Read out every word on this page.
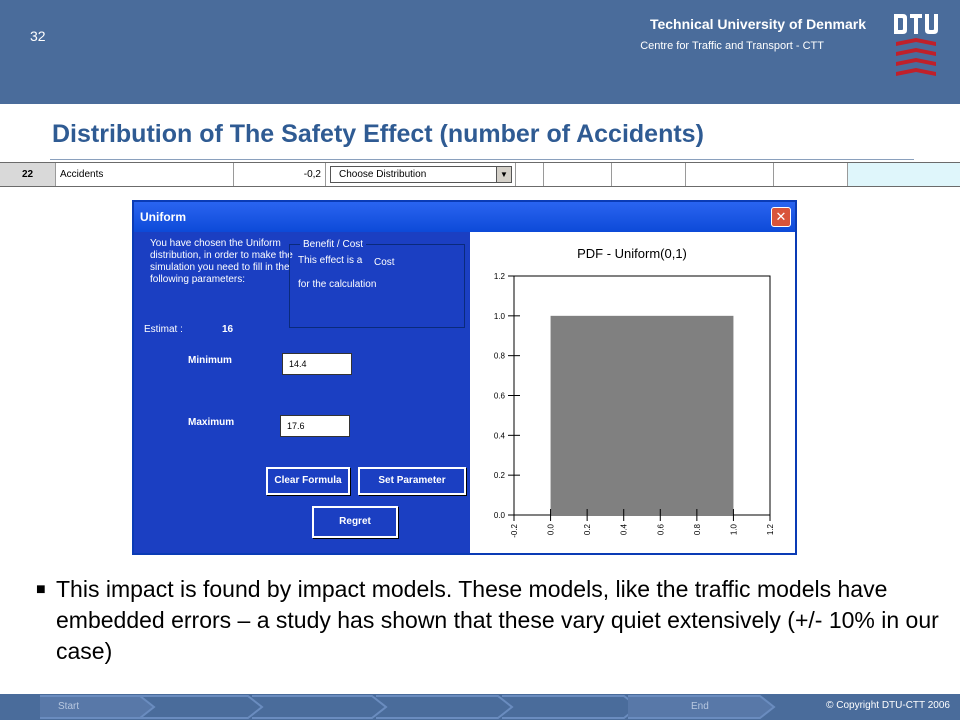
32
Technical University of Denmark
Centre for Traffic and Transport - CTT
Distribution of The Safety Effect (number of Accidents)
22	Accidents	-0,2	Choose Distribution	▼
Uniform	✕
You have chosen the Uniform distribution, in order to make the simulation you need to fill in the following parameters:
Benefit / Cost
This effect is a Cost
for the calculation
Estimat :	16
Minimum	14.4
Maximum	17.6
Clear Formula	Set Parameter
Regret
PDF - Uniform(0,1)
0.0
0.2
0.4
0.6
0.8
1.0
1.2
-0.2	0.0	0.2	0.4	0.6	0.8	1.0	1.2
■ This impact is found by impact models. These models, like the traffic models have embedded errors – a study has shown that these vary quiet extensively (+/- 10% in our case)
Start	End	© Copyright DTU-CTT 2006
